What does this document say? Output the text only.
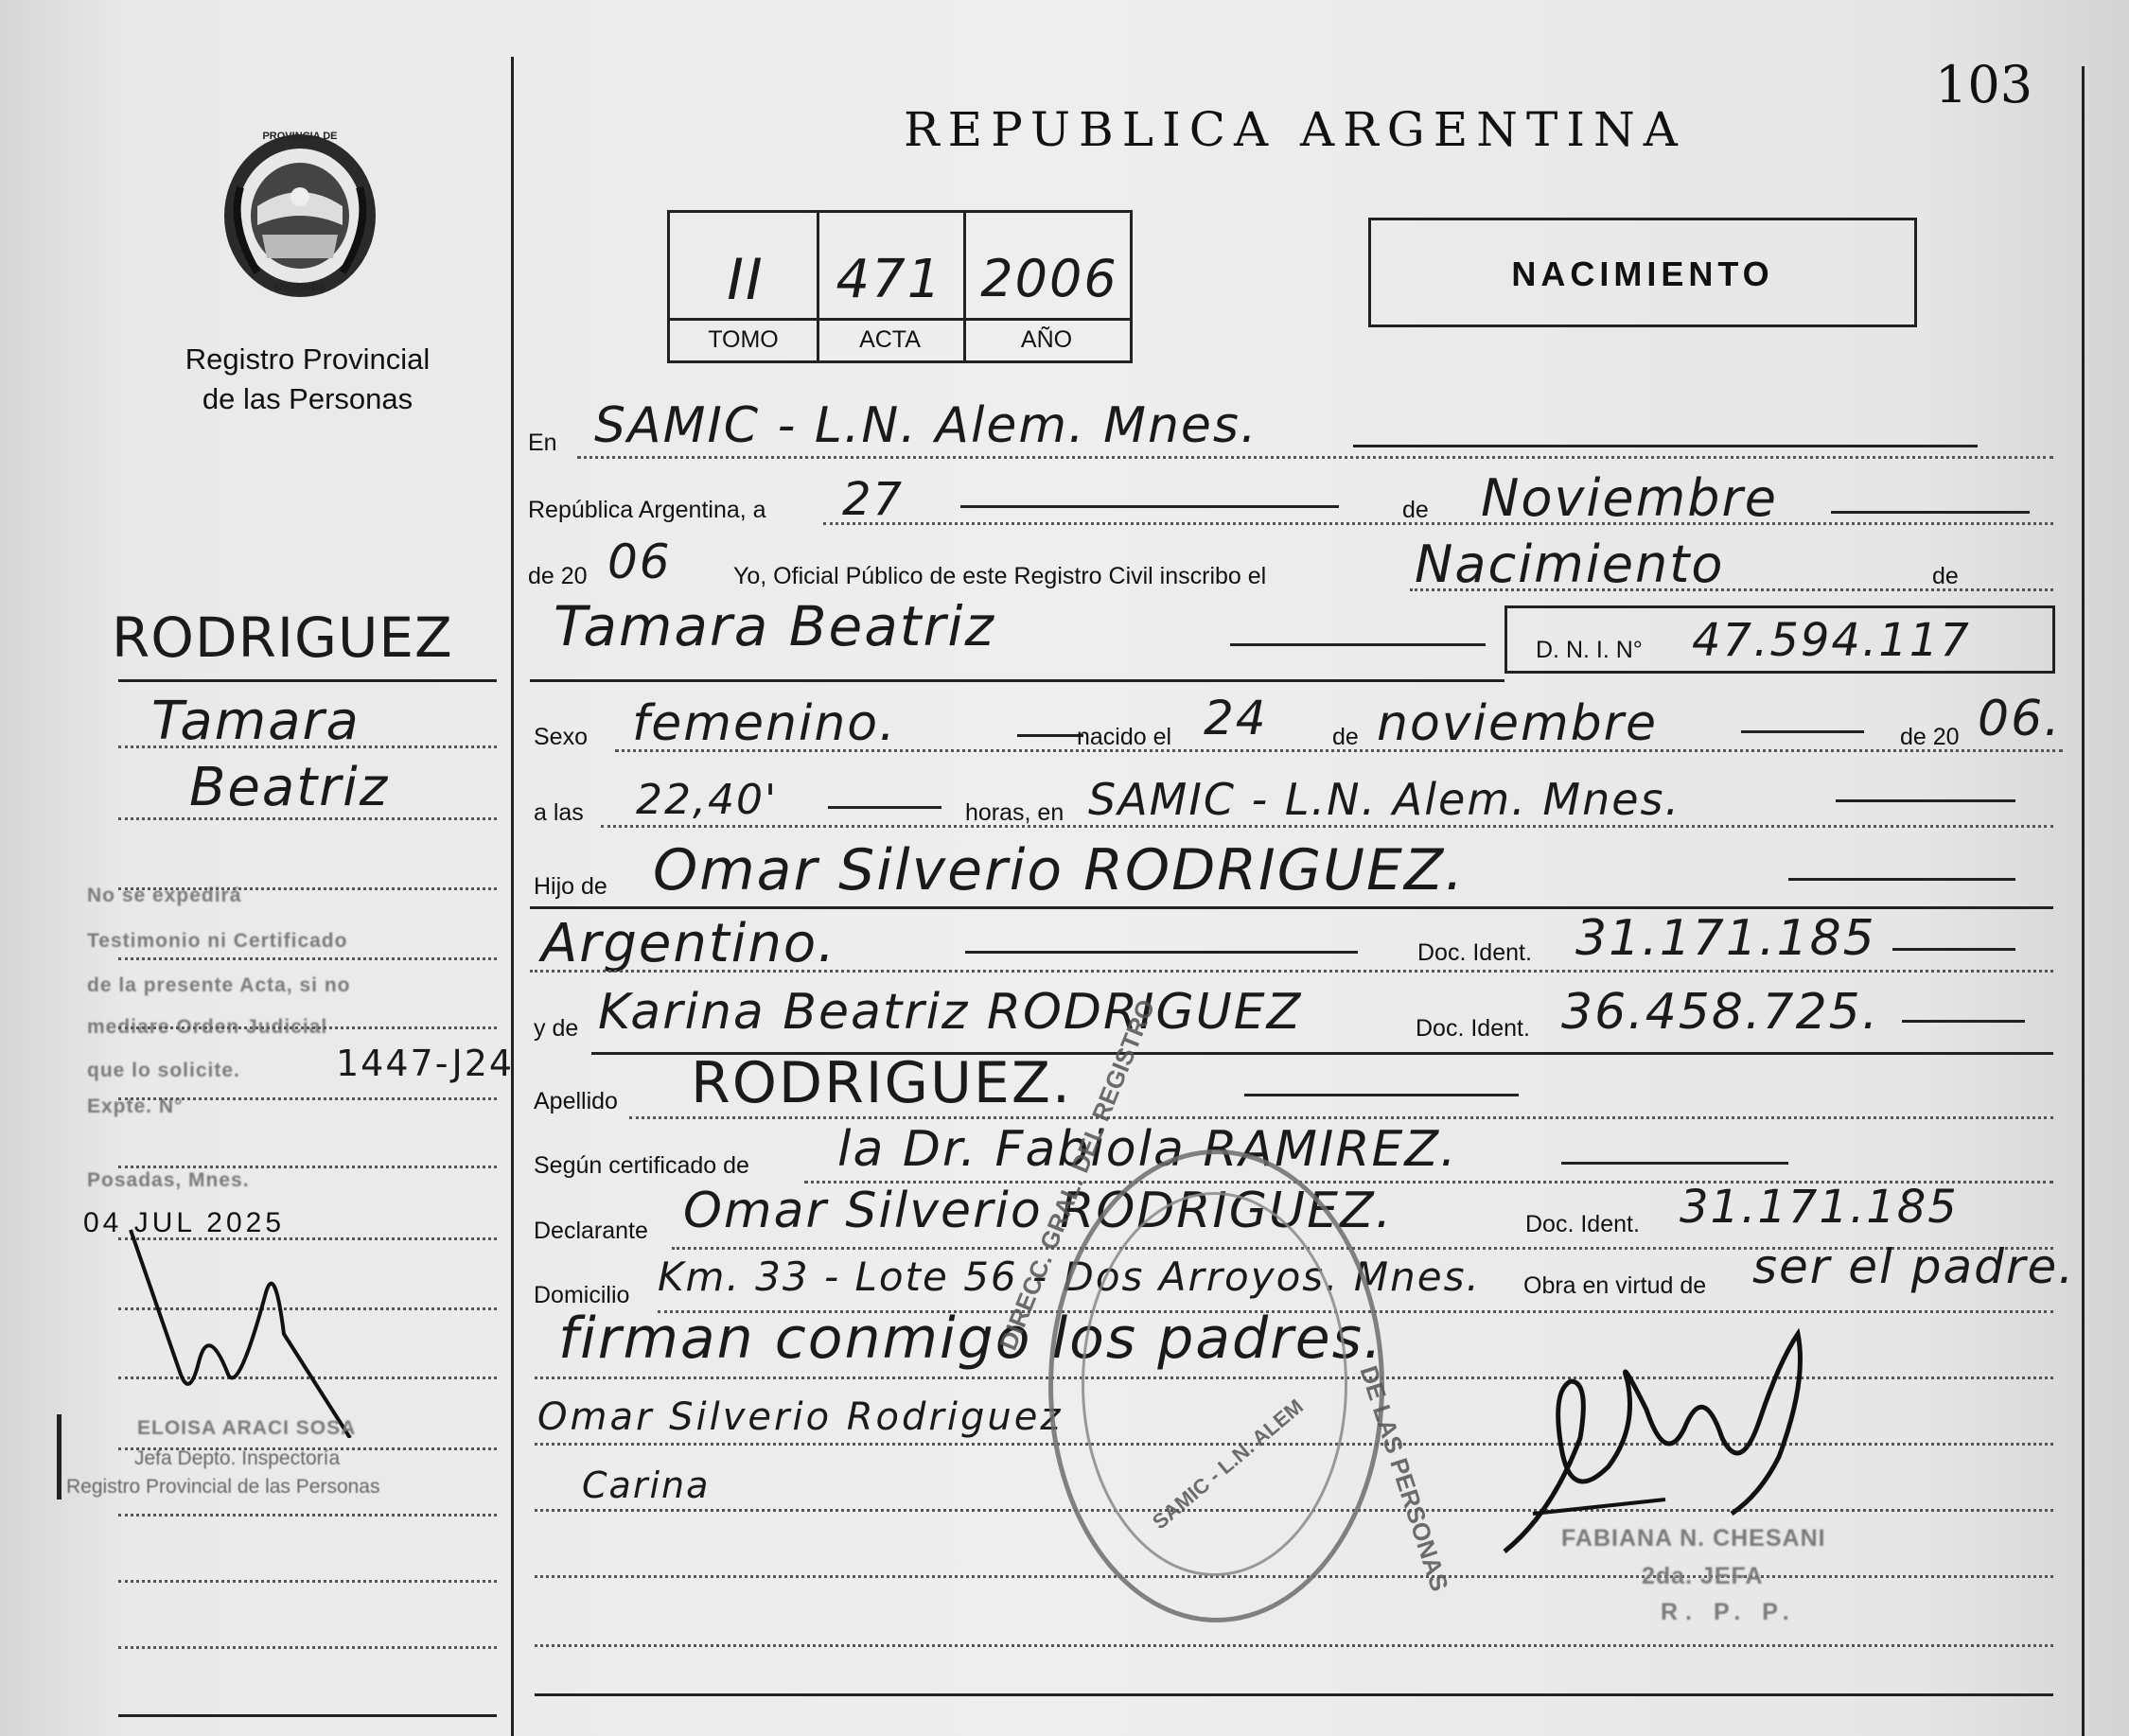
103
REPUBLICA ARGENTINA
II	471 2006
TOMO	ACTA	AÑO
NACIMIENTO
PROVINCIA DE
MISIONES
Registro Provincial
de las Personas
RODRIGUEZ
Tamara
Beatriz
No se expedirá
Testimonio ni Certificado
de la presente Acta, si no
mediare Orden Judicial
que lo solicite.	1447-J24
Expte. N°
Posadas, Mnes.
04 JUL 2025
ELOISA ARACI SOSA
Jefa Depto. Inspectoría
Registro Provincial de las Personas
En SAMIC - L.N. Alem. Mnes.
República Argentina, a 27	de Noviembre
de 20 06	Yo, Oficial Público de este Registro Civil inscribo el	Nacimiento	de
Tamara Beatriz	D. N. I. N° 47.594.117
Sexo femenino.	nacido el 24	de noviembre	de 20 06.
a las 22,40'	horas, en SAMIC - L.N. Alem. Mnes.
Hijo de Omar Silverio RODRIGUEZ.
Argentino.	Doc. Ident. 31.171.185
y de Karina Beatriz RODRIGUEZ	Doc. Ident. 36.458.725.
Apellido RODRIGUEZ.
Según certificado de la Dr. Fabiola RAMIREZ.
Declarante Omar Silverio RODRIGUEZ.	Doc. Ident. 31.171.185
Domicilio Km. 33 - Lote 56 - Dos Arroyos. Mnes. Obra en virtud de ser el padre.
firman conmigo los padres.
Omar Silverio Rodriguez
Carina
DIRECC. GRAL. DEL REGISTRO
DE LAS PERSONAS
SAMIC - L.N. ALEM
FABIANA N. CHESANI
2da. JEFA
R. P. P.
